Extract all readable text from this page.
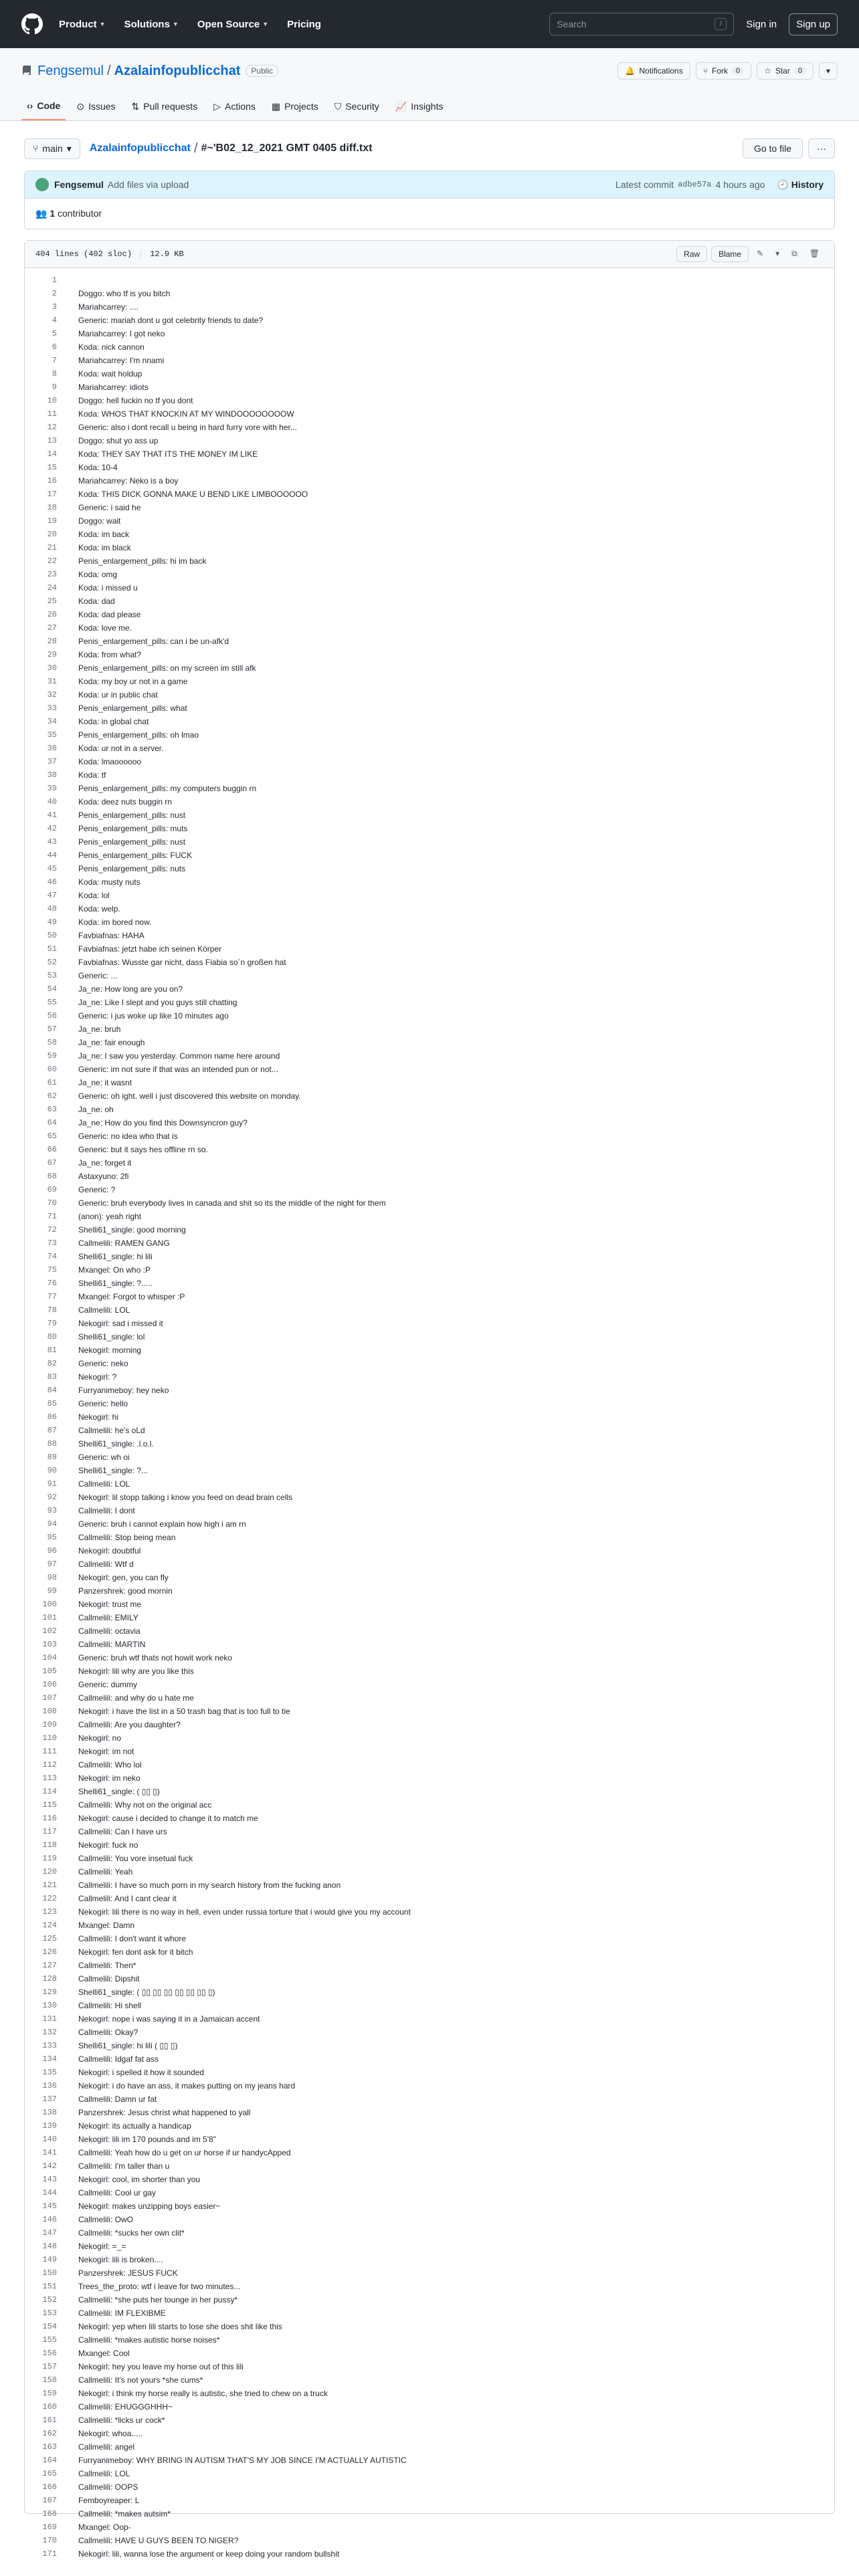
Product ▼ Solutions ▼ Open Source ▼ Pricing	Search	/	Sign in	Sign up
Fengsemul / Azalainfopublicchat	Public	🔔 Notifications	⑂ Fork	0	☆ Star	0	▾
‹› Code ⊙ Issues ⇅ Pull requests ▷ Actions ▦ Projects ⛉ Security 📈 Insights
⑂ main ▾ Azalainfopublicchat / #~'B02_12_2021 GMT 0405 diff.txt	Go to file	···
Fengsemul Add files via upload	Latest commit adbe57a 4 hours ago 🕘 History
👥 1 contributor
404 lines (402 sloc) | 12.9 KB	Raw	Blame	✎	▾	⧉	🗑
1
2	Doggo: who tf is you bitch
3	Mariahcarrey: ....
4	Generic: mariah dont u got celebrity friends to date?
5	Mariahcarrey: I got neko
6	Koda: nick cannon
7	Mariahcarrey: I'm nnami
8	Koda: wait holdup
9	Mariahcarrey: idiots
10	Doggo: hell fuckin no tf you dont
11	Koda: WHOS THAT KNOCKIN AT MY WINDOOOOOOOOW
12	Generic: also i dont recall u being in hard furry vore with her...
13	Doggo: shut yo ass up
14	Koda: THEY SAY THAT ITS THE MONEY IM LIKE
15	Koda: 10-4
16	Mariahcarrey: Neko is a boy
17	Koda: THIS DICK GONNA MAKE U BEND LIKE LIMBOOOOOO
18	Generic: i said he
19	Doggo: wait
20	Koda: im back
21	Koda: im black
22	Penis_enlargement_pills: hi im back
23	Koda: omg
24	Koda: i missed u
25	Koda: dad
26	Koda: dad please
27	Koda: love me.
28	Penis_enlargement_pills: can i be un-afk'd
29	Koda: from what?
30	Penis_enlargement_pills: on my screen im still afk
31	Koda: my boy ur not in a game
32	Koda: ur in public chat
33	Penis_enlargement_pills: what
34	Koda: in global chat
35	Penis_enlargement_pills: oh lmao
36	Koda: ur not in a server.
37	Koda: lmaoooooo
38	Koda: tf
39	Penis_enlargement_pills: my computers buggin rn
40	Koda: deez nuts buggin rn
41	Penis_enlargement_pills: nust
42	Penis_enlargement_pills: muts
43	Penis_enlargement_pills: nust
44	Penis_enlargement_pills: FUCK
45	Penis_enlargement_pills: nuts
46	Koda: musty nuts
47	Koda: lol
48	Koda: welp.
49	Koda: im bored now.
50	Favbiafnas: HAHA
51	Favbiafnas: jetzt habe ich seinen Körper
52	Favbiafnas: Wusste gar nicht, dass Fiabia so`n großen hat
53	Generic: ...
54	Ja_ne: How long are you on?
55	Ja_ne: Like I slept and you guys still chatting
56	Generic: i jus woke up like 10 minutes ago
57	Ja_ne: bruh
58	Ja_ne: fair enough
59	Ja_ne: I saw you yesterday. Common name here around
60	Generic: im not sure if that was an intended pun or not...
61	Ja_ne: it wasnt
62	Generic: oh ight. well i just discovered this website on monday.
63	Ja_ne: oh
64	Ja_ne: How do you find this Downsyncron guy?
65	Generic: no idea who that is
66	Generic: but it says hes offline rn so.
67	Ja_ne: forget it
68	Astaxyuno: 2fi
69	Generic: ?
70	Generic: bruh everybody lives in canada and shit so its the middle of the night for them
71	(anon): yeah right
72	Shelli61_single: good morning
73	Callmelili: RAMEN GANG
74	Shelli61_single: hi lili
75	Mxangel: On who :P
76	Shelli61_single: ?.....
77	Mxangel: Forgot to whisper :P
78	Callmelili: LOL
79	Nekogirl: sad i missed it
80	Shelli61_single: lol
81	Nekogirl: morning
82	Generic: neko
83	Nekogirl: ?
84	Furryanimeboy: hey neko
85	Generic: hello
86	Nekogirl: hi
87	Callmelili: he's oLd
88	Shelli61_single: .l.o.l.
89	Generic: wh oi
90	Shelli61_single: ?...
91	Callmelili: LOL
92	Nekogirl: lil stopp talking i know you feed on dead brain cells
93	Callmelili: I dont
94	Generic: bruh i cannot explain how high i am rn
95	Callmelili: Stop being mean
96	Nekogirl: doubtful
97	Callmelili: Wtf d
98	Nekogirl: gen, you can fly
99	Panzershrek: good mornin
100	Nekogirl: trust me
101	Callmelili: EMILY
102	Callmelili: octavia
103	Callmelili: MARTIN
104	Generic: bruh wtf thats not howit work neko
105	Nekogirl: lili why are you like this
106	Generic: dummy
107	Callmelili: and why do u hate me
108	Nekogirl: i have the list in a 50 trash bag that is too full to tie
109	Callmelili: Are you daughter?
110	Nekogirl: no
111	Nekogirl: im not
112	Callmelili: Who lol
113	Nekogirl: im neko
114	Shelli61_single: ( ▯▯ ▯)
115	Callmelili: Why not on the original acc
116	Nekogirl: cause i decided to change it to match me
117	Callmelili: Can I have urs
118	Nekogirl: fuck no
119	Callmelili: You vore insetual fuck
120	Callmelili: Yeah
121	Callmelili: I have so much porn in my search history from the fucking anon
122	Callmelili: And I cant clear it
123	Nekogirl: lili there is no way in hell, even under russia torture that i would give you my account
124	Mxangel: Damn
125	Callmelili: I don't want it whore
126	Nekogirl: fen dont ask for it bitch
127	Callmelili: Then*
128	Callmelili: Dipshit
129	Shelli61_single: ( ▯▯ ▯▯ ▯▯ ▯▯ ▯▯ ▯▯ ▯)
130	Callmelili: Hi shell
131	Nekogirl: nope i was saying it in a Jamaican accent
132	Callmelili: Okay?
133	Shelli61_single: hi lili ( ▯▯ ▯)
134	Callmelili: Idgaf fat ass
135	Nekogirl: i spelled it how it sounded
136	Nekogirl: i do have an ass, it makes putting on my jeans hard
137	Callmelili: Damn ur fat
138	Panzershrek: Jesus christ what happened to yall
139	Nekogirl: its actually a handicap
140	Nekogirl: lili im 170 pounds and im 5'8"
141	Callmelili: Yeah how do u get on ur horse if ur handycApped
142	Callmelili: I'm taller than u
143	Nekogirl: cool, im shorter than you
144	Callmelili: Cool ur gay
145	Nekogirl: makes unzipping boys easier~
146	Callmelili: OwO
147	Callmelili: *sucks her own clit*
148	Nekogirl: =_=
149	Nekogirl: lili is broken....
150	Panzershrek: JESUS FUCK
151	Trees_the_proto: wtf i leave for two minutes...
152	Callmelili: *she puts her tounge in her pussy*
153	Callmelili: IM FLEXIBME
154	Nekogirl: yep when lili starts to lose she does shit like this
155	Callmelili: *makes autistic horse noises*
156	Mxangel: Cool
157	Nekogirl: hey you leave my horse out of this lili
158	Callmelili: It's not yours *she cums*
159	Nekogirl: i think my horse really is autistic, she tried to chew on a truck
160	Callmelili: EHUGGGHHH~
161	Callmelili: *licks ur cock*
162	Nekogirl: whoa.....
163	Callmelili: angel
164	Furryanimeboy: WHY BRING IN AUTISM THAT'S MY JOB SINCE I'M ACTUALLY AUTISTIC
165	Callmelili: LOL
166	Callmelili: OOPS
167	Femboyreaper: L
168	Callmelili: *makes autsim*
169	Mxangel: Oop-
170	Callmelili: HAVE U GUYS BEEN TO NIGER?
171	Nekogirl: lili, wanna lose the argument or keep doing your random bullshit
